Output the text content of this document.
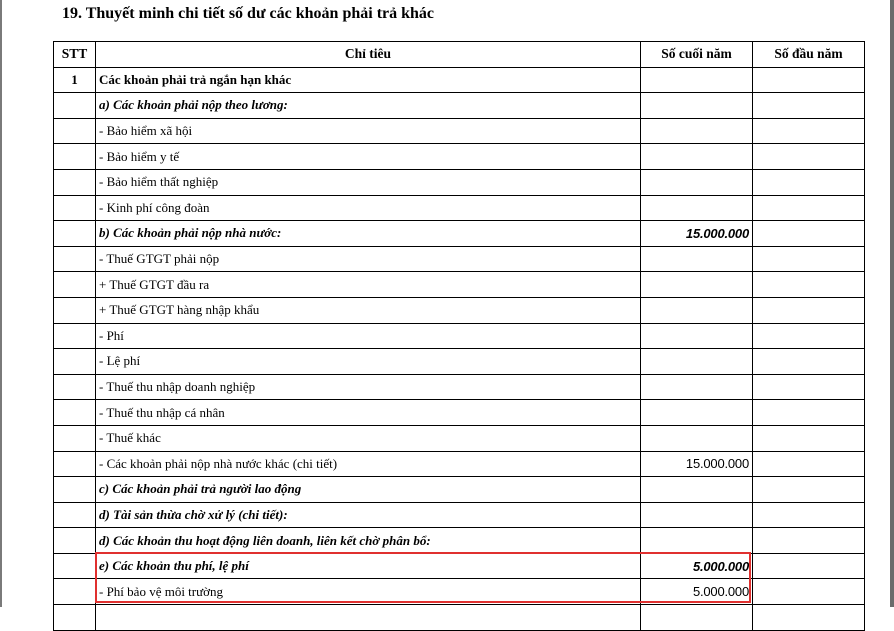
19. Thuyết minh chi tiết số dư các khoản phải trả khác
STT	Chỉ tiêu	Số cuối năm	Số đầu năm
1	Các khoản phải trả ngắn hạn khác		
	a) Các khoản phải nộp theo lương:		
	- Bảo hiểm xã hội		
	- Bảo hiểm y tế		
	- Bảo hiểm thất nghiệp		
	- Kinh phí công đoàn		
	b) Các khoản phải nộp nhà nước:	15.000.000	
	- Thuế GTGT phải nộp		
	+ Thuế GTGT đầu ra		
	+ Thuế GTGT hàng nhập khẩu		
	- Phí		
	- Lệ phí		
	- Thuế thu nhập doanh nghiệp		
	- Thuế thu nhập cá nhân		
	- Thuế khác		
	- Các khoản phải nộp nhà nước khác (chi tiết)	15.000.000	
	c) Các khoản phải trả người lao động		
	d) Tài sản thừa chờ xử lý (chi tiết):		
	d) Các khoản thu hoạt động liên doanh, liên kết chờ phân bổ:		
	e) Các khoản thu phí, lệ phí	5.000.000	
	- Phí bảo vệ môi trường	5.000.000	
